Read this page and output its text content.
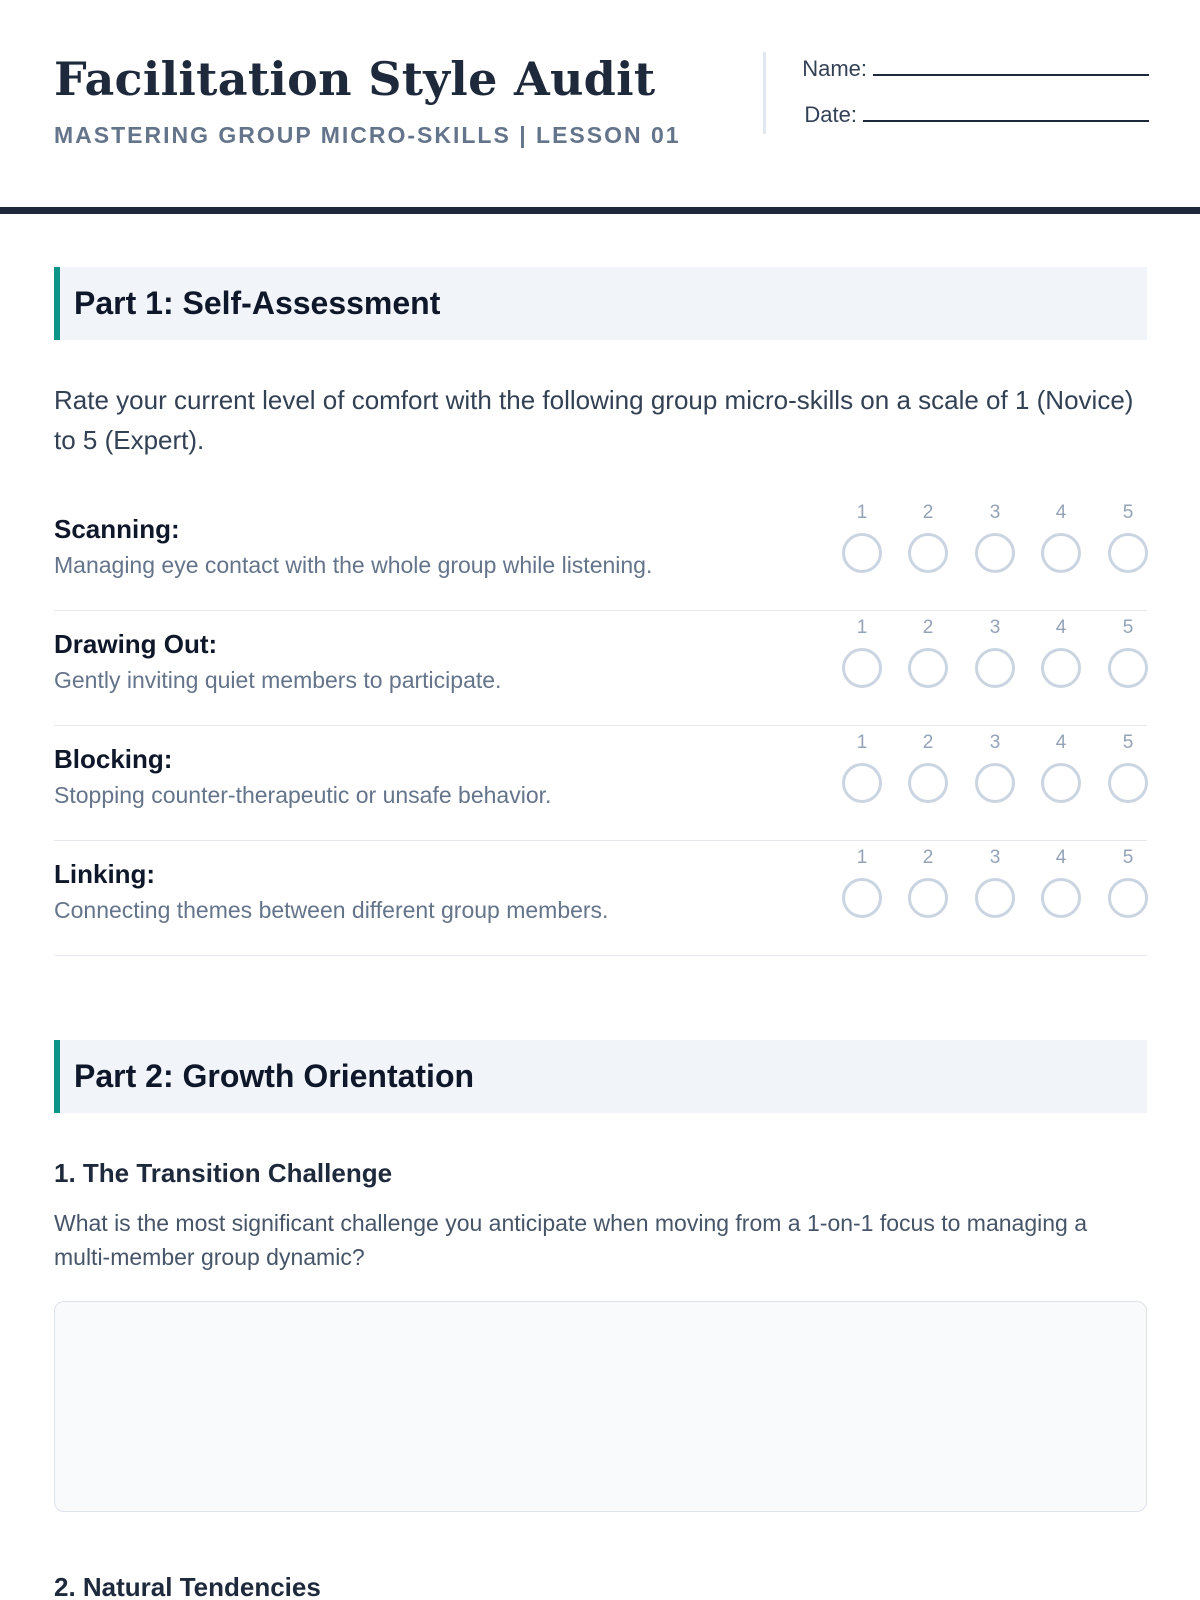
Facilitation Style Audit
MASTERING GROUP MICRO-SKILLS | LESSON 01
Name:
Date:
Part 1: Self-Assessment
Rate your current level of comfort with the following group micro-skills on a scale of 1 (Novice) to 5 (Expert).
Scanning:
Managing eye contact with the whole group while listening.
1	2	3	4	5
Drawing Out:
Gently inviting quiet members to participate.
1	2	3	4	5
Blocking:
Stopping counter-therapeutic or unsafe behavior.
1	2	3	4	5
Linking:
Connecting themes between different group members.
1	2	3	4	5
Part 2: Growth Orientation
1. The Transition Challenge
What is the most significant challenge you anticipate when moving from a 1-on-1 focus to managing a multi-member group dynamic?
2. Natural Tendencies
